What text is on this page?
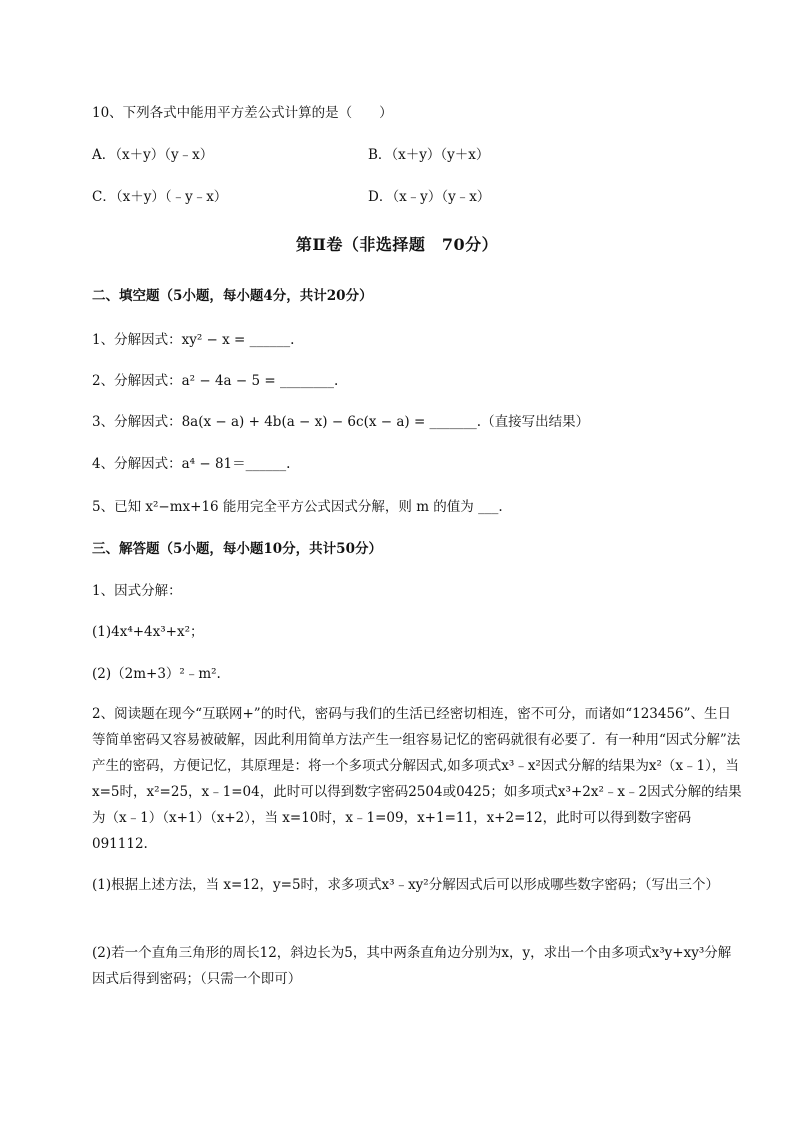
10、下列各式中能用平方差公式计算的是（　　）
A．（x＋y）（y﹣x）	B．（x＋y）（y＋x）
C．（x＋y）（﹣y﹣x）	D．（x﹣y）（y﹣x）
第Ⅱ卷（非选择题　70分）
二、填空题（5小题，每小题4分，共计20分）
1、分解因式：xy² − x = ______.
2、分解因式：a² − 4a − 5 = ________.
3、分解因式：8a(x − a) + 4b(a − x) − 6c(x − a) = _______.（直接写出结果）
4、分解因式：a⁴ − 81＝______.
5、已知 x²−mx+16 能用完全平方公式因式分解，则 m 的值为 ___.
三、解答题（5小题，每小题10分，共计50分）
1、因式分解：
(1)4x⁴+4x³+x²；
(2)（2m+3）²﹣m².
2、阅读题在现今“互联网+”的时代，密码与我们的生活已经密切相连，密不可分，而诸如“123456”、生日等简单密码又容易被破解，因此利用简单方法产生一组容易记忆的密码就很有必要了．有一种用“因式分解”法产生的密码，方便记忆，其原理是：将一个多项式分解因式,如多项式x³﹣x²因式分解的结果为x²（x﹣1），当 x=5时，x²=25，x﹣1=04，此时可以得到数字密码2504或0425；如多项式x³+2x²﹣x﹣2因式分解的结果为（x﹣1）（x+1）（x+2），当 x=10时，x﹣1=09，x+1=11，x+2=12，此时可以得到数字密码091112.
(1)根据上述方法，当 x=12，y=5时，求多项式x³﹣xy²分解因式后可以形成哪些数字密码；（写出三个）
(2)若一个直角三角形的周长12，斜边长为5，其中两条直角边分别为x，y，求出一个由多项式x³y+xy³分解因式后得到密码；（只需一个即可）
